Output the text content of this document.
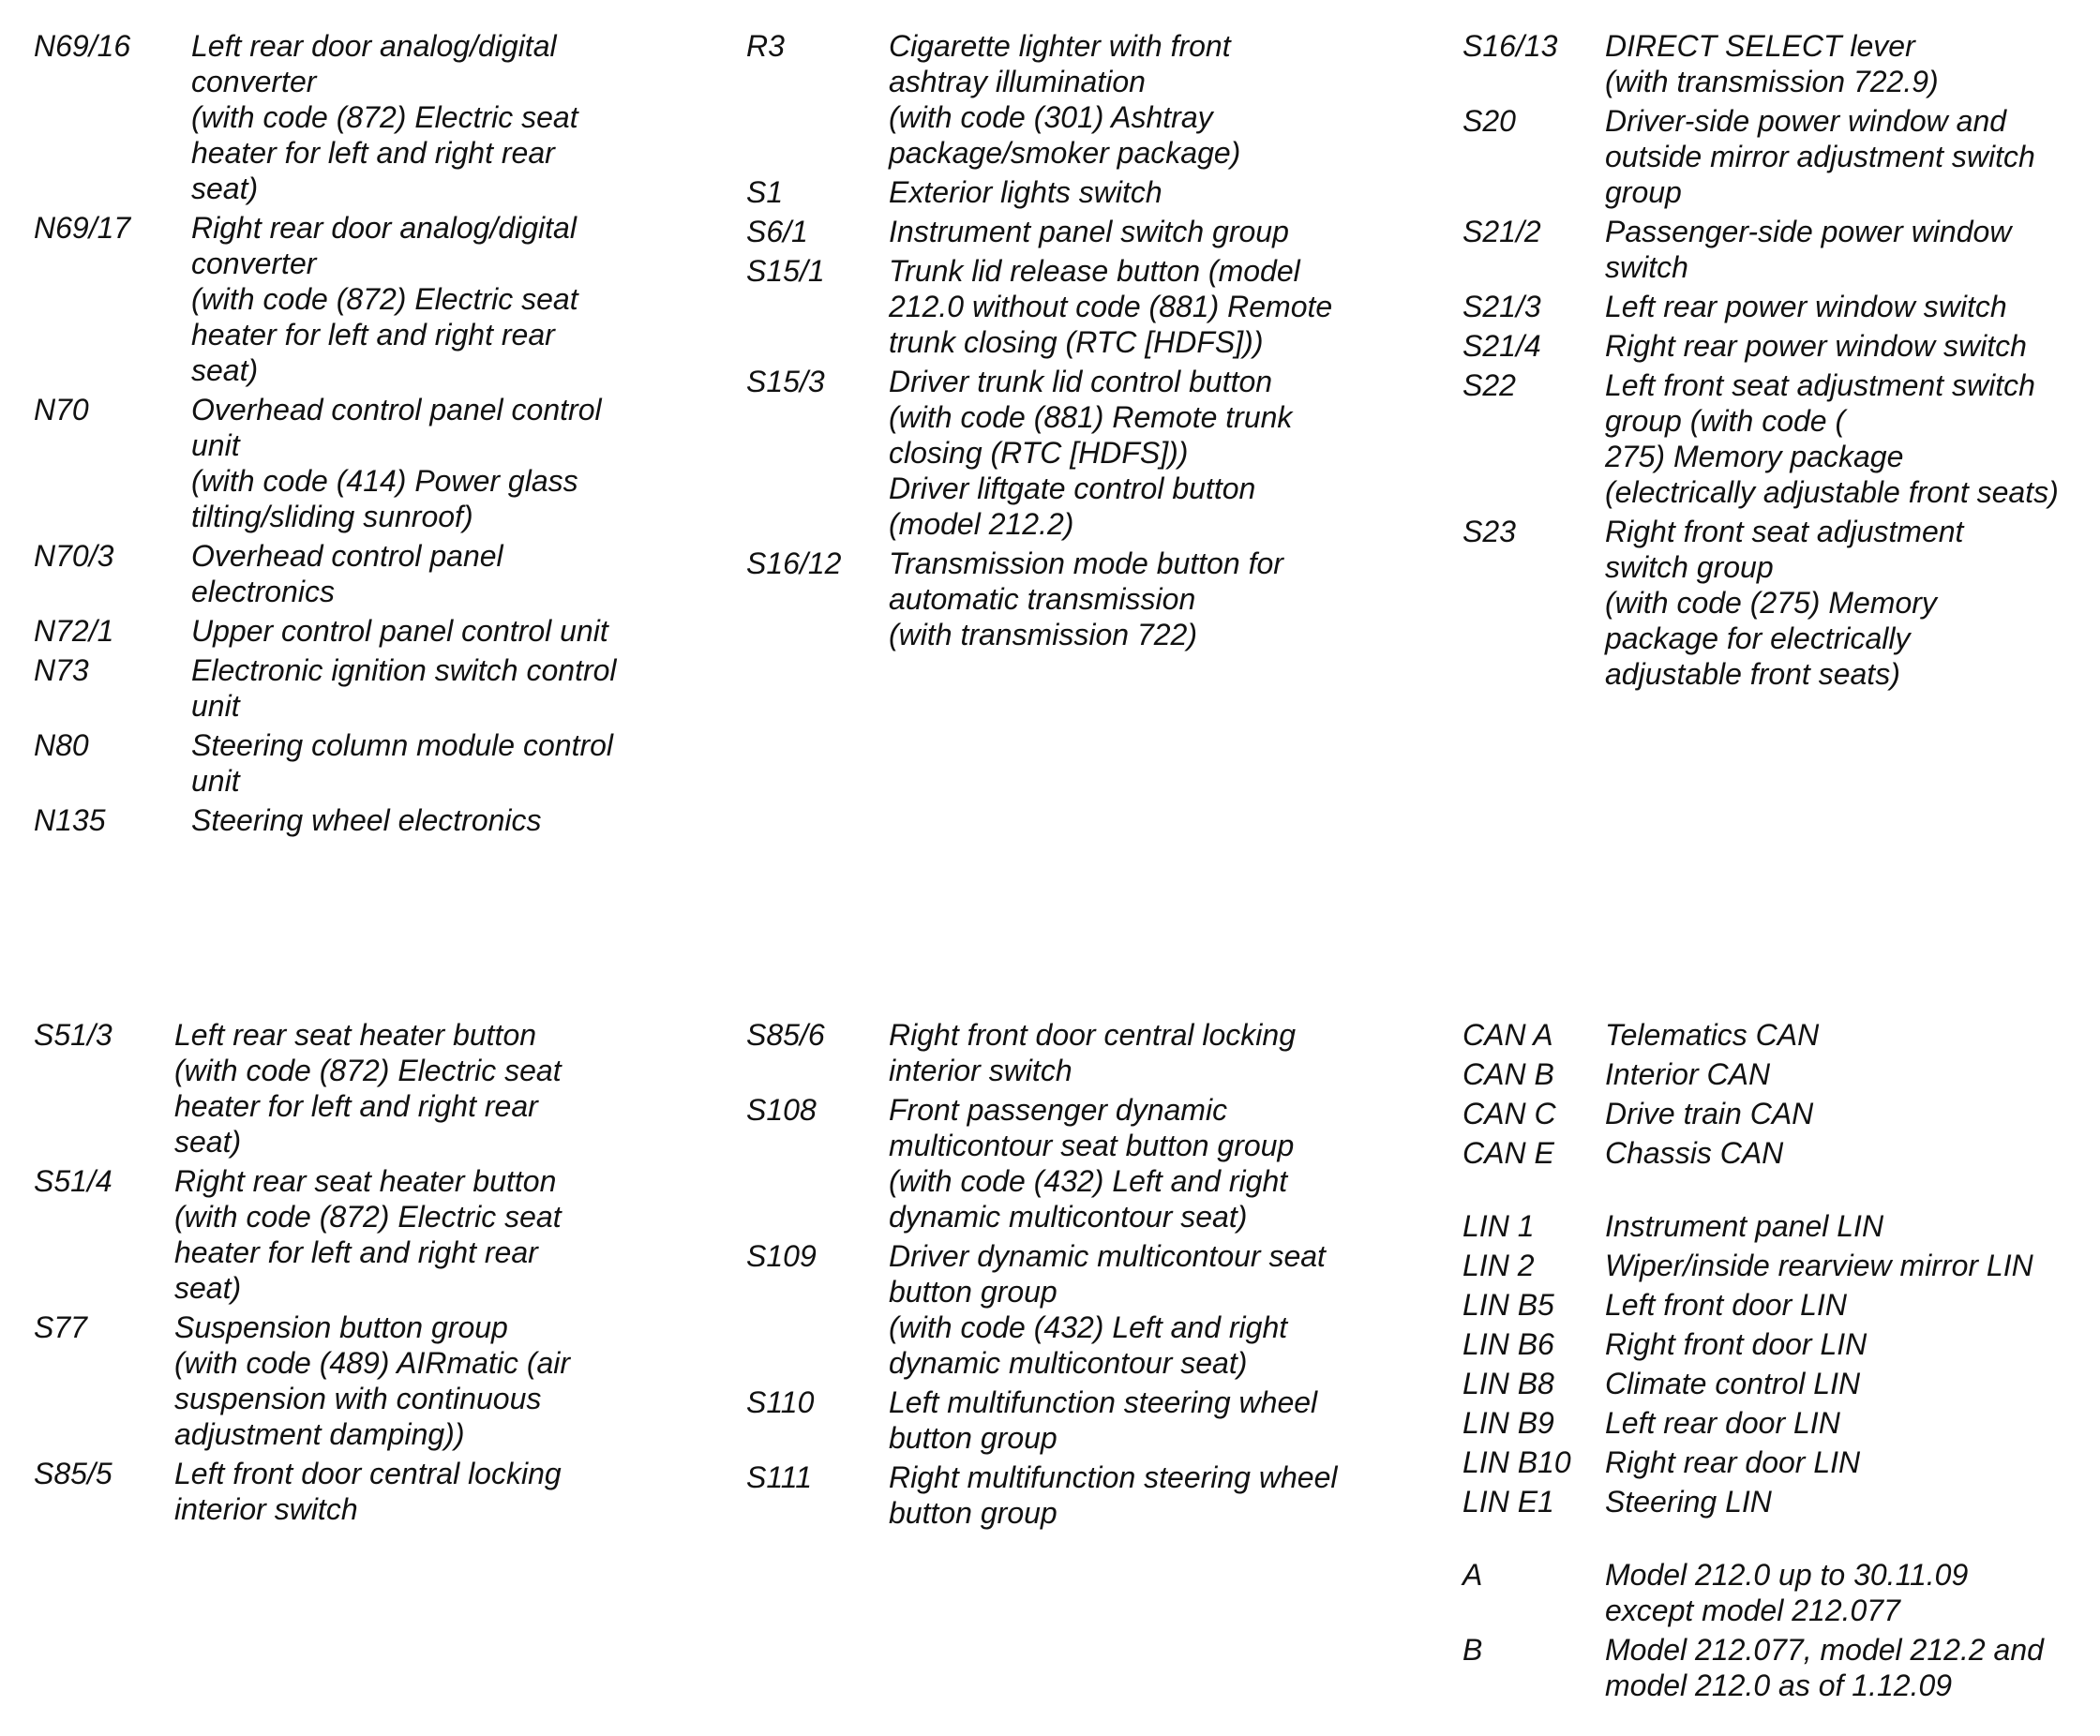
N69/16	Left rear door analog/digital
converter
(with code (872) Electric seat
heater for left and right rear
seat)
N69/17	Right rear door analog/digital
converter
(with code (872) Electric seat
heater for left and right rear
seat)
N70	Overhead control panel control
unit
(with code (414) Power glass
tilting/sliding sunroof)
N70/3	Overhead control panel
electronics
N72/1	Upper control panel control unit
N73	Electronic ignition switch control
unit
N80	Steering column module control
unit
N135	Steering wheel electronics
R3	Cigarette lighter with front
ashtray illumination
(with code (301) Ashtray
package/smoker package)
S1	Exterior lights switch
S6/1	Instrument panel switch group
S15/1	Trunk lid release button (model
212.0 without code (881) Remote
trunk closing (RTC [HDFS]))
S15/3	Driver trunk lid control button
(with code (881) Remote trunk
closing (RTC [HDFS]))
Driver liftgate control button
(model 212.2)
S16/12	Transmission mode button for
automatic transmission
(with transmission 722)
S16/13	DIRECT SELECT lever
(with transmission 722.9)
S20	Driver-side power window and
outside mirror adjustment switch
group
S21/2	Passenger-side power window
switch
S21/3	Left rear power window switch
S21/4	Right rear power window switch
S22	Left front seat adjustment switch
group (with code (
275) Memory package
(electrically adjustable front seats)
S23	Right front seat adjustment
switch group
(with code (275) Memory
package for electrically
adjustable front seats)
S51/3	Left rear seat heater button
(with code (872) Electric seat
heater for left and right rear
seat)
S51/4	Right rear seat heater button
(with code (872) Electric seat
heater for left and right rear
seat)
S77	Suspension button group
(with code (489) AIRmatic (air
suspension with continuous
adjustment damping))
S85/5	Left front door central locking
interior switch
S85/6	Right front door central locking
interior switch
S108	Front passenger dynamic
multicontour seat button group
(with code (432) Left and right
dynamic multicontour seat)
S109	Driver dynamic multicontour seat
button group
(with code (432) Left and right
dynamic multicontour seat)
S110	Left multifunction steering wheel
button group
S111	Right multifunction steering wheel
button group
CAN A	Telematics CAN
CAN B	Interior CAN
CAN C	Drive train CAN
CAN E	Chassis CAN
LIN 1	Instrument panel LIN
LIN 2	Wiper/inside rearview mirror LIN
LIN B5	Left front door LIN
LIN B6	Right front door LIN
LIN B8	Climate control LIN
LIN B9	Left rear door LIN
LIN B10	Right rear door LIN
LIN E1	Steering LIN
A	Model 212.0 up to 30.11.09
except model 212.077
B	Model 212.077, model 212.2 and
model 212.0 as of 1.12.09
